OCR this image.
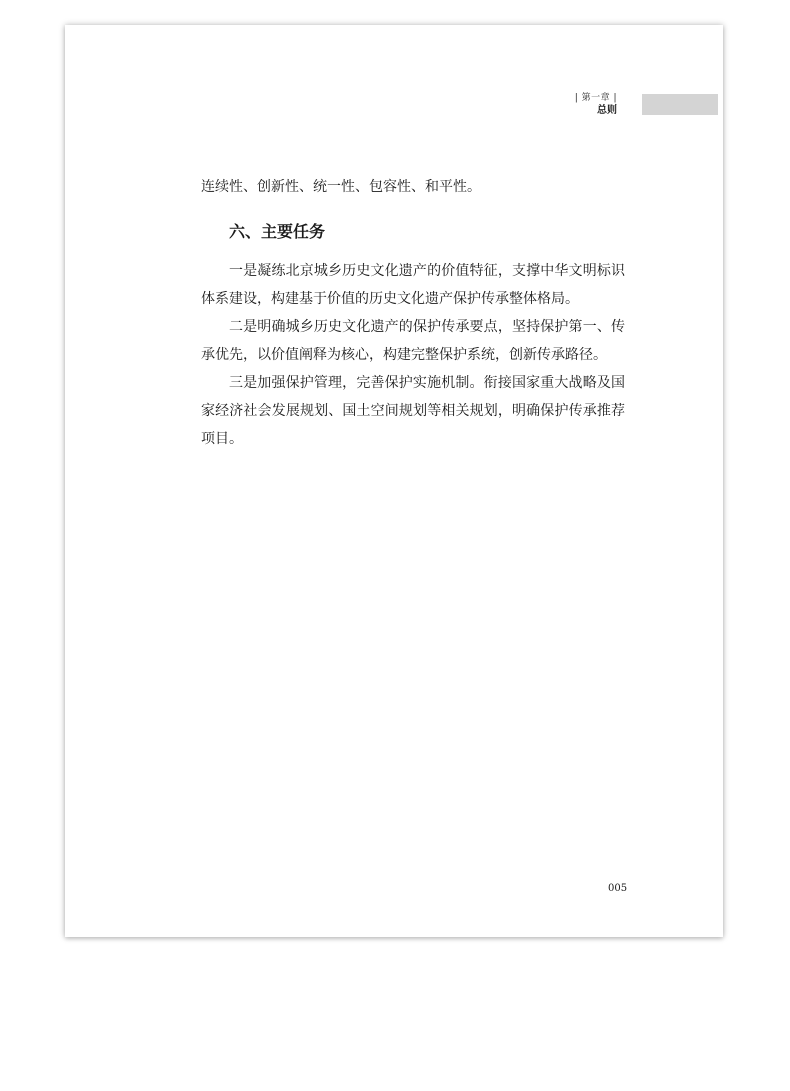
| 第一章 |
总则

连续性、创新性、统一性、包容性、和平性。

六、主要任务

一是凝练北京城乡历史文化遗产的价值特征，支撑中华文明标识体系建设，构建基于价值的历史文化遗产保护传承整体格局。

二是明确城乡历史文化遗产的保护传承要点，坚持保护第一、传承优先，以价值阐释为核心，构建完整保护系统，创新传承路径。

三是加强保护管理，完善保护实施机制。衔接国家重大战略及国家经济社会发展规划、国土空间规划等相关规划，明确保护传承推荐项目。

005
